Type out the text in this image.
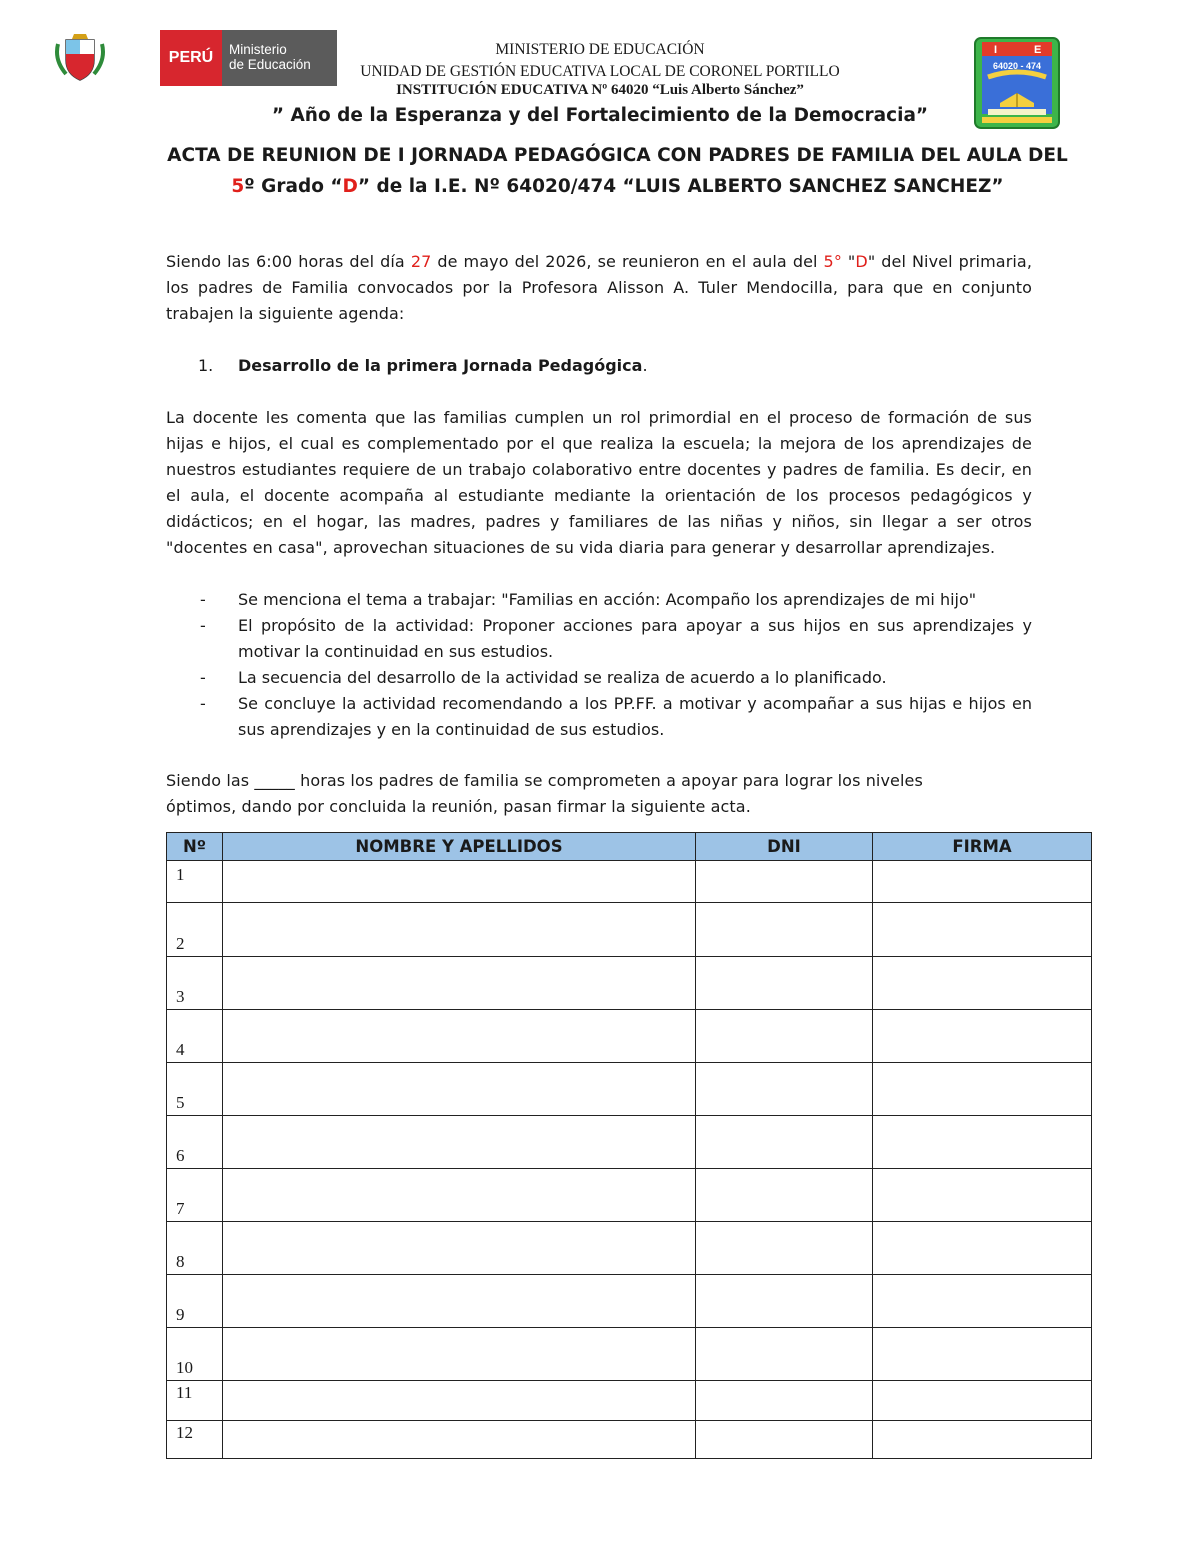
PERÚ	Ministerio
de Educación
I	E
64020 - 474
MINISTERIO DE EDUCACIÓN
UNIDAD DE GESTIÓN EDUCATIVA LOCAL DE CORONEL PORTILLO
INSTITUCIÓN EDUCATIVA Nº 64020 “Luis Alberto Sánchez”
” Año de la Esperanza y del Fortalecimiento de la Democracia”
ACTA DE REUNION DE I JORNADA PEDAGÓGICA CON PADRES DE FAMILIA DEL AULA DEL 5º Grado “D” de la I.E. Nº 64020/474 “LUIS ALBERTO SANCHEZ SANCHEZ”
Siendo las 6:00 horas del día 27 de mayo del 2026, se reunieron en el aula del 5° "D" del Nivel primaria, los padres de Familia convocados por la Profesora Alisson A. Tuler Mendocilla, para que en conjunto trabajen la siguiente agenda:
1. Desarrollo de la primera Jornada Pedagógica.
La docente les comenta que las familias cumplen un rol primordial en el proceso de formación de sus hijas e hijos, el cual es complementado por el que realiza la escuela; la mejora de los aprendizajes de nuestros estudiantes requiere de un trabajo colaborativo entre docentes y padres de familia. Es decir, en el aula, el docente acompaña al estudiante mediante la orientación de los procesos pedagógicos y didácticos; en el hogar, las madres, padres y familiares de las niñas y niños, sin llegar a ser otros "docentes en casa", aprovechan situaciones de su vida diaria para generar y desarrollar aprendizajes.
-	Se menciona el tema a trabajar: "Familias en acción: Acompaño los aprendizajes de mi hijo"
-	El propósito de la actividad: Proponer acciones para apoyar a sus hijos en sus aprendizajes y motivar la continuidad en sus estudios.
-	La secuencia del desarrollo de la actividad se realiza de acuerdo a lo planificado.
-	Se concluye la actividad recomendando a los PP.FF. a motivar y acompañar a sus hijas e hijos en sus aprendizajes y en la continuidad de sus estudios.
Siendo las _____ horas los padres de familia se comprometen a apoyar para lograr los niveles óptimos, dando por concluida la reunión, pasan firmar la siguiente acta.
Nº	NOMBRE Y APELLIDOS	DNI	FIRMA
1			
2			
3			
4			
5			
6			
7			
8			
9			
10			
11			
12			
